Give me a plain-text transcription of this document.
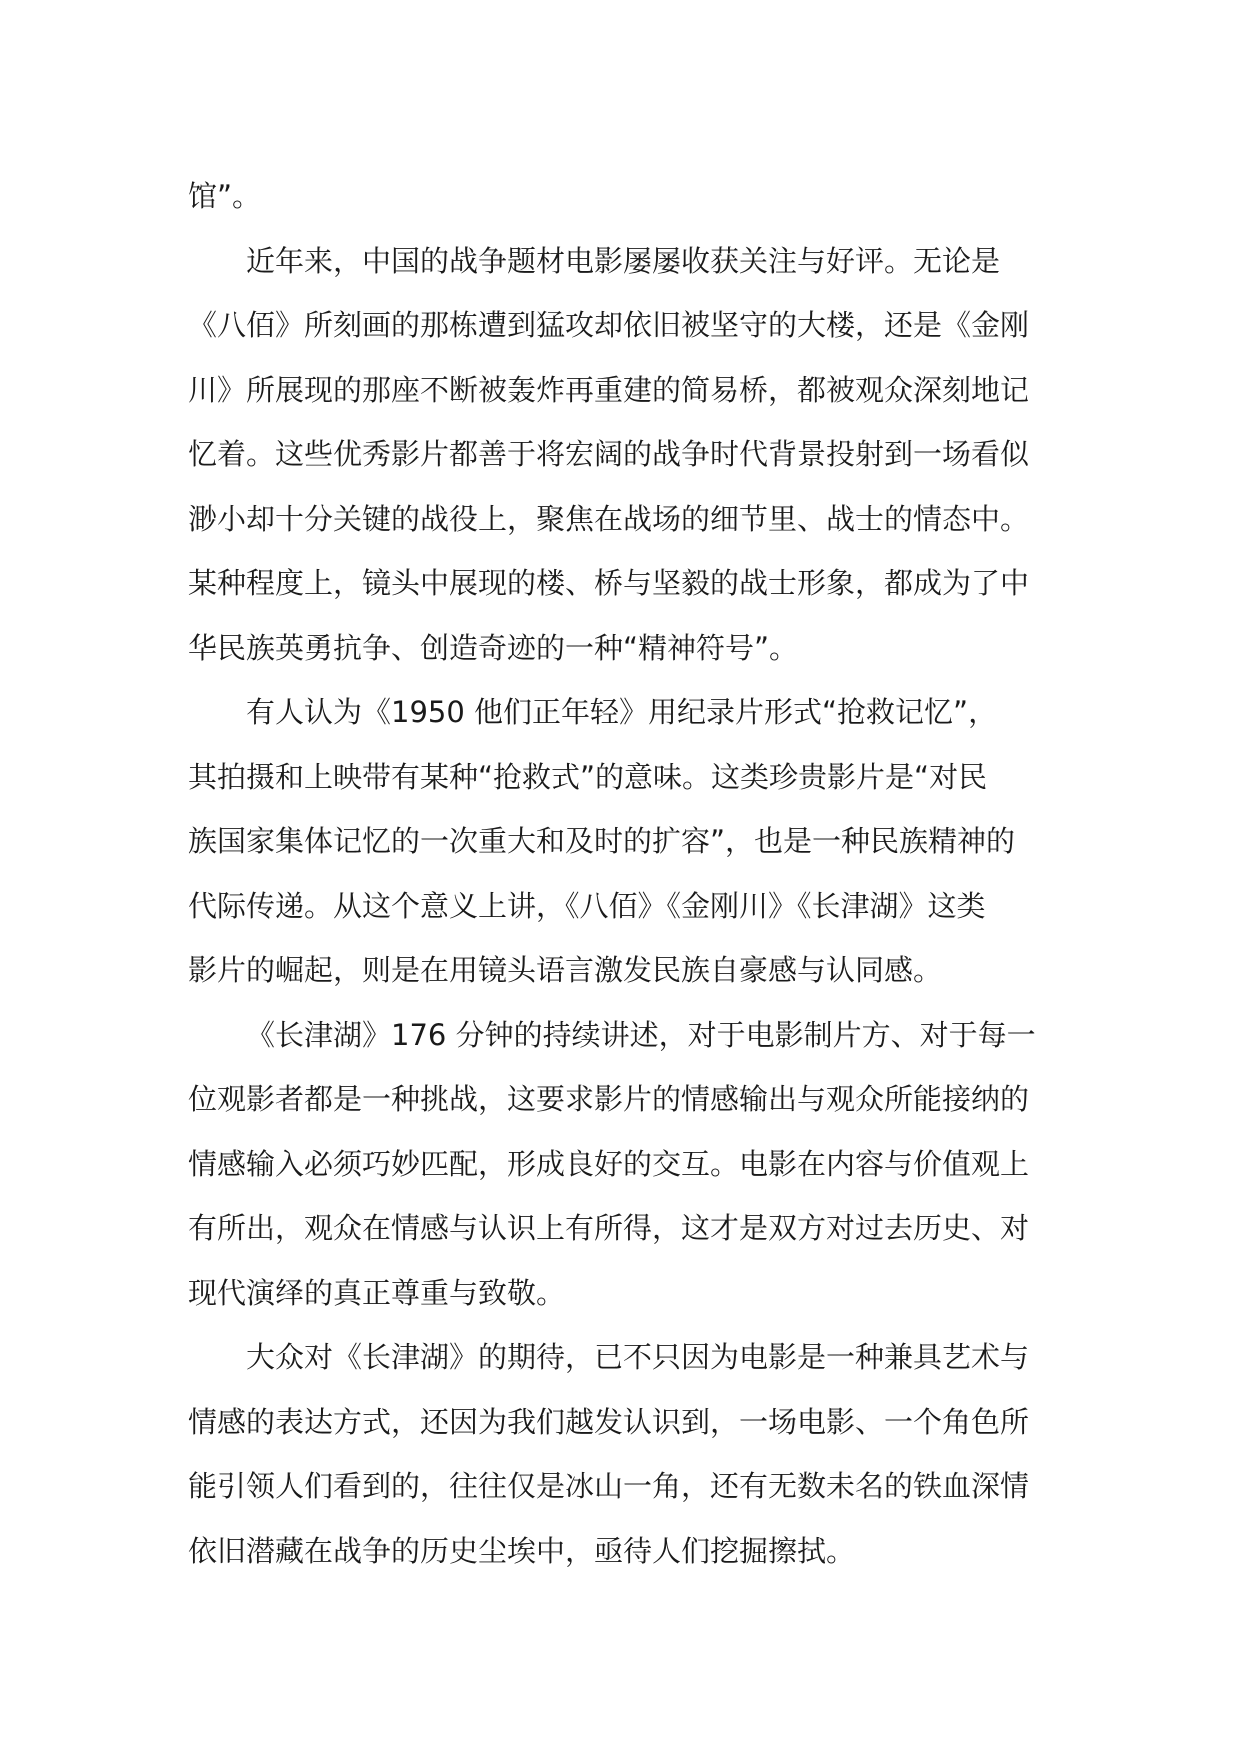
馆”。
近年来，中国的战争题材电影屡屡收获关注与好评。无论是
《八佰》所刻画的那栋遭到猛攻却依旧被坚守的大楼，还是《金刚
川》所展现的那座不断被轰炸再重建的简易桥，都被观众深刻地记
忆着。这些优秀影片都善于将宏阔的战争时代背景投射到一场看似
渺小却十分关键的战役上，聚焦在战场的细节里、战士的情态中。
某种程度上，镜头中展现的楼、桥与坚毅的战士形象，都成为了中
华民族英勇抗争、创造奇迹的一种“精神符号”。
有人认为《1950 他们正年轻》用纪录片形式“抢救记忆”，
其拍摄和上映带有某种“抢救式”的意味。这类珍贵影片是“对民
族国家集体记忆的一次重大和及时的扩容”，也是一种民族精神的
代际传递。从这个意义上讲，《八佰》《金刚川》《长津湖》这类
影片的崛起，则是在用镜头语言激发民族自豪感与认同感。
《长津湖》176 分钟的持续讲述，对于电影制片方、对于每一
位观影者都是一种挑战，这要求影片的情感输出与观众所能接纳的
情感输入必须巧妙匹配，形成良好的交互。电影在内容与价值观上
有所出，观众在情感与认识上有所得，这才是双方对过去历史、对
现代演绎的真正尊重与致敬。
大众对《长津湖》的期待，已不只因为电影是一种兼具艺术与
情感的表达方式，还因为我们越发认识到，一场电影、一个角色所
能引领人们看到的，往往仅是冰山一角，还有无数未名的铁血深情
依旧潜藏在战争的历史尘埃中，亟待人们挖掘擦拭。
